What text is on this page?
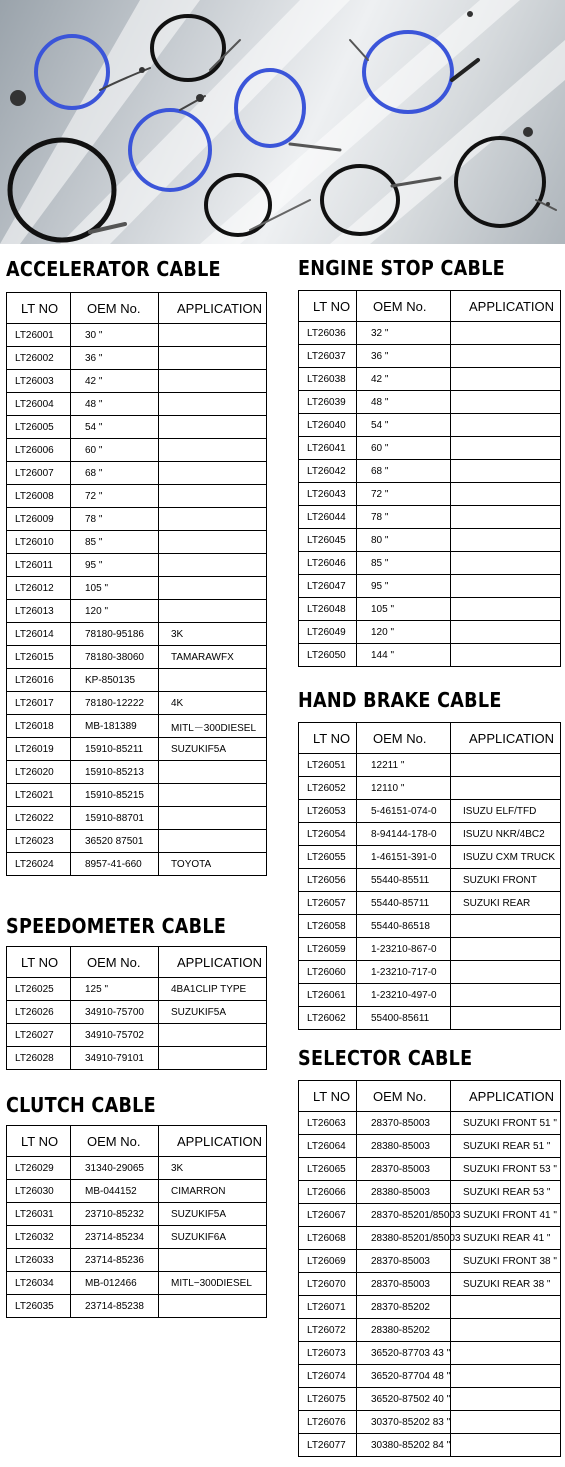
ACCELERATOR CABLE
LT NO	OEM No.	APPLICATION
LT26001	30 "	
LT26002	36 "	
LT26003	42 "	
LT26004	48 "	
LT26005	54 "	
LT26006	60 "	
LT26007	68 "	
LT26008	72 "	
LT26009	78 "	
LT26010	85 "	
LT26011	95 "	
LT26012	105 "	
LT26013	120 "	
LT26014	78180-95186	3K
LT26015	78180-38060	TAMARAWFX
LT26016	KP-850135	
LT26017	78180-12222	4K
LT26018	MB-181389	MITL－300DIESEL
LT26019	15910-85211	SUZUKIF5A
LT26020	15910-85213	
LT26021	15910-85215	
LT26022	15910-88701	
LT26023	36520 87501	
LT26024	8957-41-660	TOYOTA
SPEEDOMETER CABLE
LT NO	OEM No.	APPLICATION
LT26025	125 "	4BA1CLIP TYPE
LT26026	34910-75700	SUZUKIF5A
LT26027	34910-75702	
LT26028	34910-79101	
CLUTCH CABLE
LT NO	OEM No.	APPLICATION
LT26029	31340-29065	3K
LT26030	MB-044152	CIMARRON
LT26031	23710-85232	SUZUKIF5A
LT26032	23714-85234	SUZUKIF6A
LT26033	23714-85236	
LT26034	MB-012466	MITL−300DIESEL
LT26035	23714-85238	
ENGINE STOP CABLE
LT NO	OEM No.	APPLICATION
LT26036	32 "	
LT26037	36 "	
LT26038	42 "	
LT26039	48 "	
LT26040	54 "	
LT26041	60 "	
LT26042	68 "	
LT26043	72 "	
LT26044	78 "	
LT26045	80 "	
LT26046	85 "	
LT26047	95 "	
LT26048	105 "	
LT26049	120 "	
LT26050	144 "	
HAND BRAKE CABLE
LT NO	OEM No.	APPLICATION
LT26051	12211 "	
LT26052	12110 "	
LT26053	5-46151-074-0	ISUZU ELF/TFD
LT26054	8-94144-178-0	ISUZU NKR/4BC2
LT26055	1-46151-391-0	ISUZU CXM TRUCK
LT26056	55440-85511	SUZUKI FRONT
LT26057	55440-85711	SUZUKI REAR
LT26058	55440-86518	
LT26059	1-23210-867-0	
LT26060	1-23210-717-0	
LT26061	1-23210-497-0	
LT26062	55400-85611	
SELECTOR CABLE
LT NO	OEM No.	APPLICATION
LT26063	28370-85003	SUZUKI FRONT 51 "
LT26064	28380-85003	SUZUKI REAR 51 "
LT26065	28370-85003	SUZUKI FRONT 53 "
LT26066	28380-85003	SUZUKI REAR 53 "
LT26067	28370-85201/85003	SUZUKI FRONT 41 "
LT26068	28380-85201/85003	SUZUKI REAR 41 "
LT26069	28370-85003	SUZUKI FRONT 38 "
LT26070	28370-85003	SUZUKI REAR 38 "
LT26071	28370-85202	
LT26072	28380-85202	
LT26073	36520-87703 43 "	
LT26074	36520-87704 48 "	
LT26075	36520-87502 40 "	
LT26076	30370-85202 83 "	
LT26077	30380-85202 84 "	
